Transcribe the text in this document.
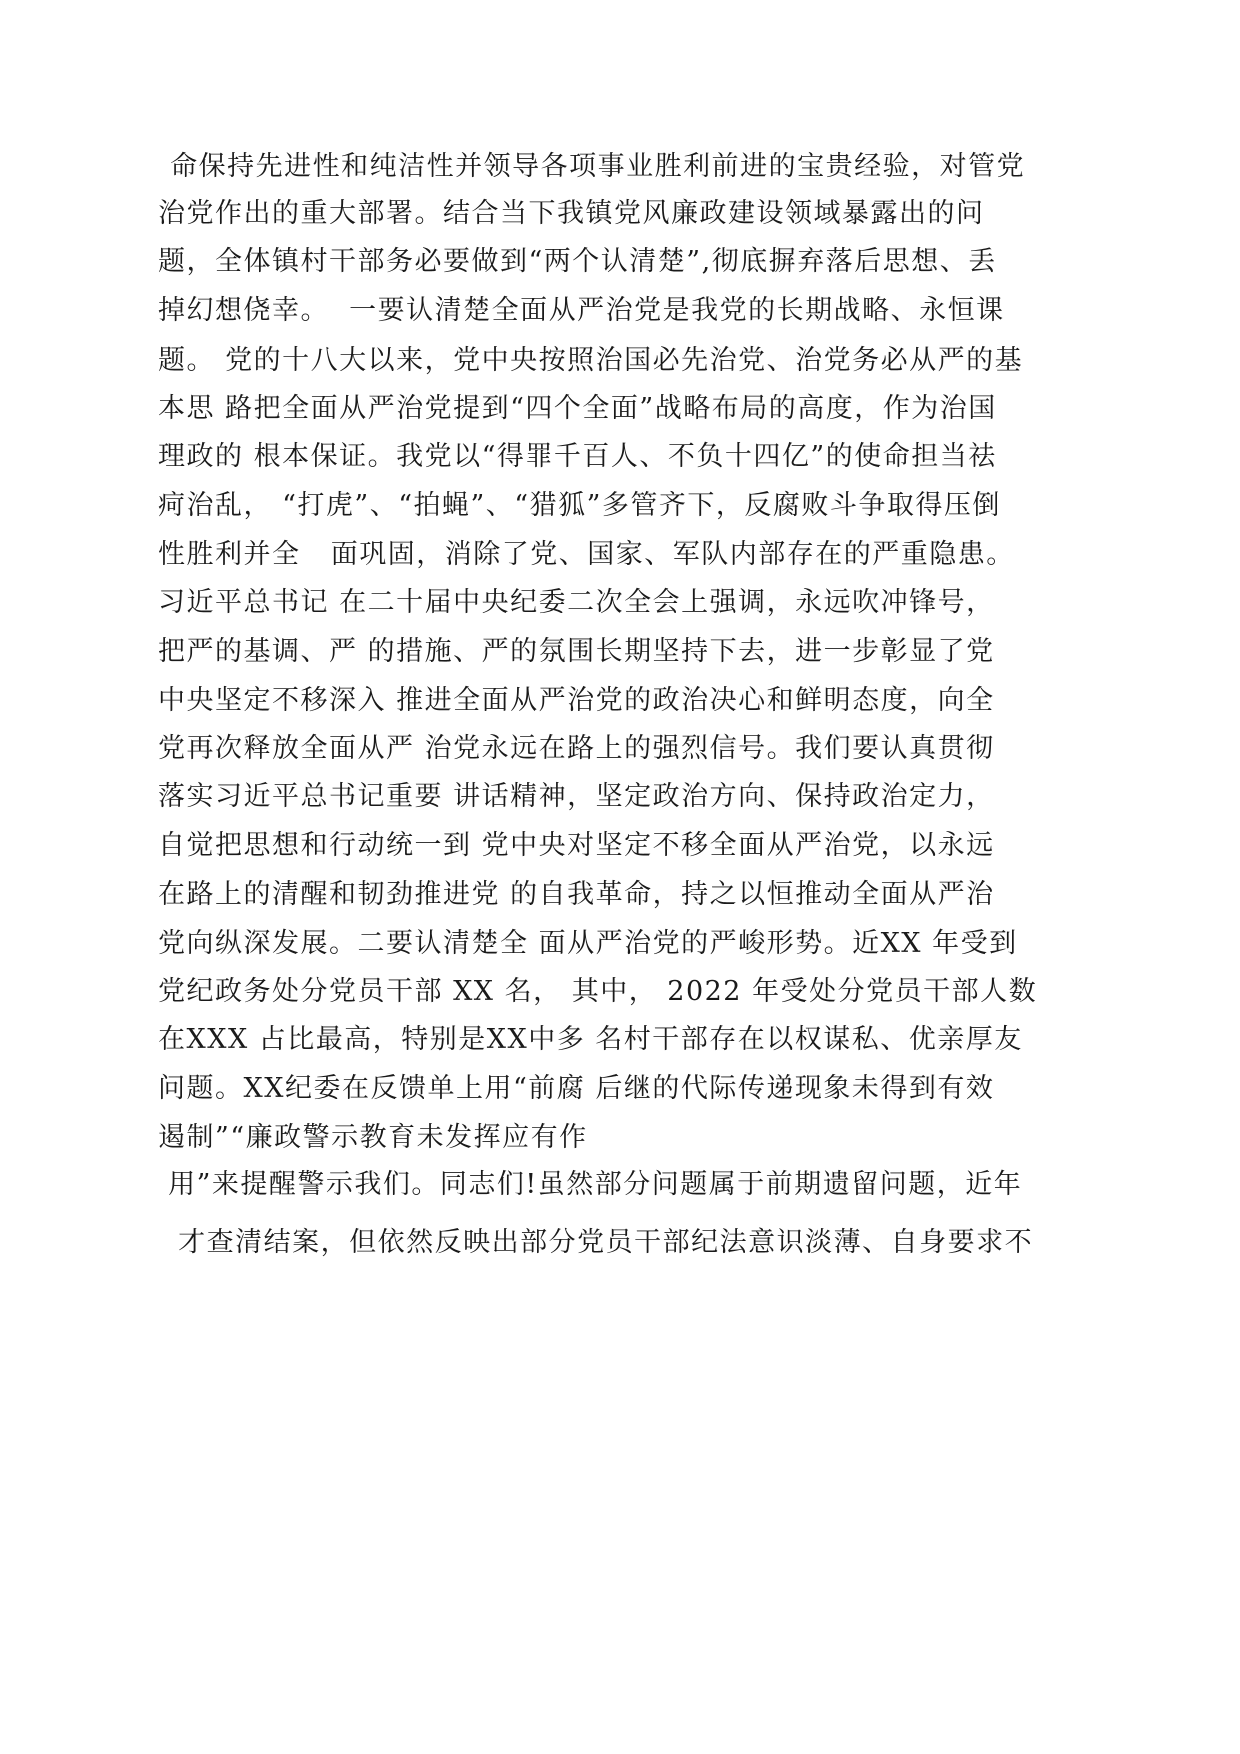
命保持先进性和纯洁性并领导各项事业胜利前进的宝贵经验，对管党
治党作出的重大部署。结合当下我镇党风廉政建设领域暴露出的问
题，全体镇村干部务必要做到“两个认清楚”,彻底摒弃落后思想、丢
掉幻想侥幸。  一要认清楚全面从严治党是我党的长期战略、永恒课
题。 党的十八大以来，党中央按照治国必先治党、治党务必从严的基
本思 路把全面从严治党提到“四个全面”战略布局的高度，作为治国
理政的 根本保证。我党以“得罪千百人、不负十四亿”的使命担当祛
疴治乱， “打虎”、“拍蝇”、“猎狐”多管齐下，反腐败斗争取得压倒
性胜利并全   面巩固，消除了党、国家、军队内部存在的严重隐患。
习近平总书记 在二十届中央纪委二次全会上强调，永远吹冲锋号，
把严的基调、严 的措施、严的氛围长期坚持下去，进一步彰显了党
中央坚定不移深入 推进全面从严治党的政治决心和鲜明态度，向全
党再次释放全面从严 治党永远在路上的强烈信号。我们要认真贯彻
落实习近平总书记重要 讲话精神，坚定政治方向、保持政治定力，
自觉把思想和行动统一到 党中央对坚定不移全面从严治党，以永远
在路上的清醒和韧劲推进党 的自我革命，持之以恒推动全面从严治
党向纵深发展。二要认清楚全 面从严治党的严峻形势。近XX 年受到
党纪政务处分党员干部 XX 名， 其中， 2022 年受处分党员干部人数
在XXX 占比最高，特别是XX中多 名村干部存在以权谋私、优亲厚友
问题。XX纪委在反馈单上用“前腐 后继的代际传递现象未得到有效
遏制”“廉政警示教育未发挥应有作
用”来提醒警示我们。同志们!虽然部分问题属于前期遗留问题，近年
才查清结案，但依然反映出部分党员干部纪法意识淡薄、自身要求不
